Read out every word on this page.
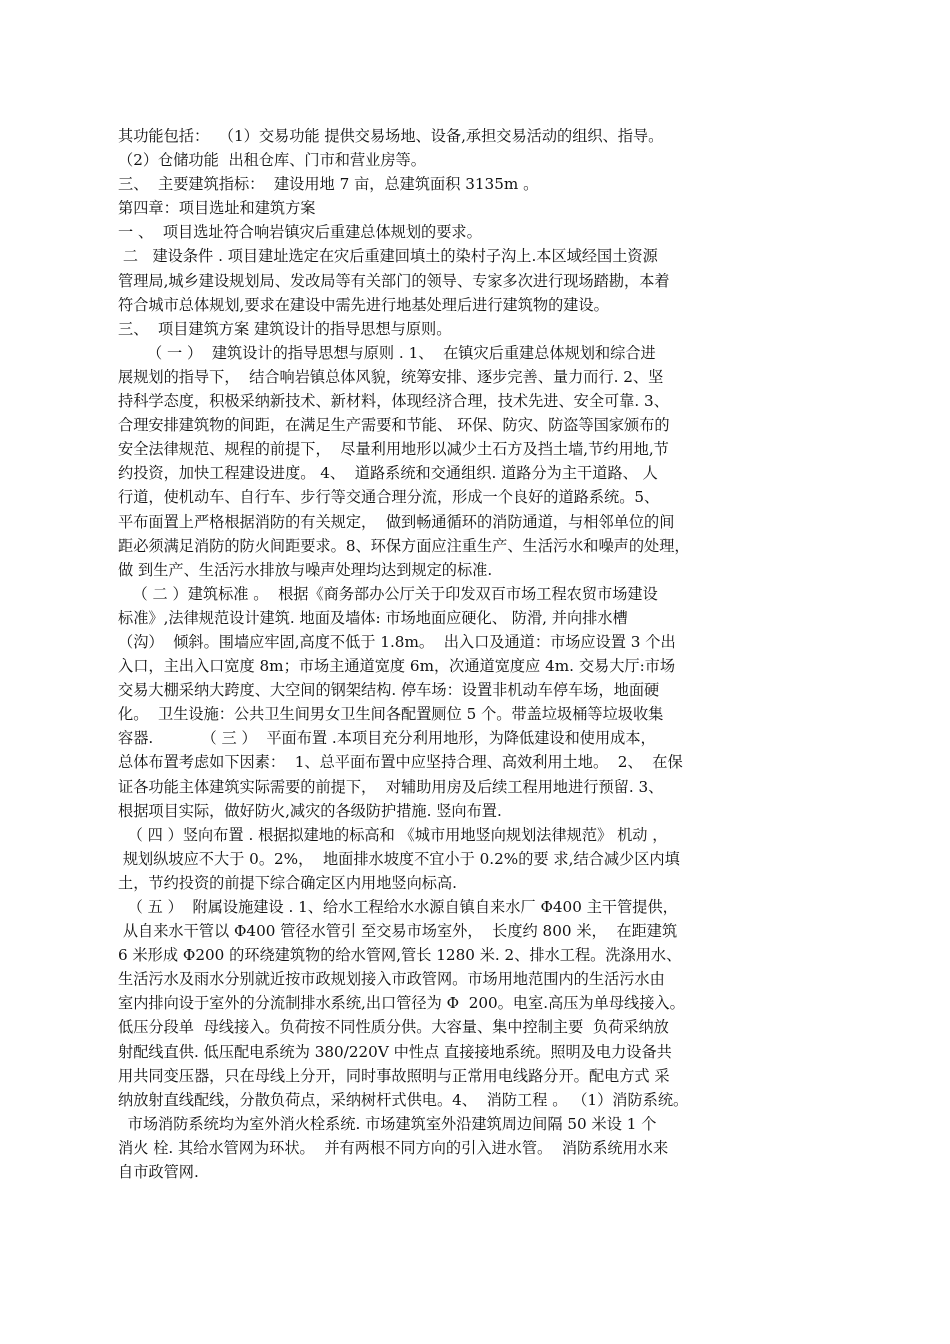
其功能包括：  （1）交易功能 提供交易场地、设备,承担交易活动的组织、指导。
（2）仓储功能  出租仓库、门市和营业房等。
三、  主要建筑指标：  建设用地 7 亩，总建筑面积 3135m 。
第四章：项目选址和建筑方案
一 、  项目选址符合响岩镇灾后重建总体规划的要求。
二   建设条件 . 项目建址选定在灾后重建回填土的染村子沟上.本区域经国土资源
管理局,城乡建设规划局、发改局等有关部门的领导、专家多次进行现场踏勘，本着
符合城市总体规划,要求在建设中需先进行地基处理后进行建筑物的建设。
三、  项目建筑方案 建筑设计的指导思想与原则。
（ 一 ）  建筑设计的指导思想与原则 . 1、  在镇灾后重建总体规划和综合进
展规划的指导下，  结合响岩镇总体风貌，统筹安排、逐步完善、量力而行. 2、坚
持科学态度，积极采纳新技术、新材料，体现经济合理，技术先进、安全可靠. 3、
合理安排建筑物的间距，在满足生产需要和节能、 环保、防灾、防盗等国家颁布的
安全法律规范、规程的前提下，  尽量利用地形以减少土石方及挡土墙,节约用地,节
约投资，加快工程建设进度。 4、  道路系统和交通组织. 道路分为主干道路、 人
行道，使机动车、自行车、步行等交通合理分流，形成一个良好的道路系统。5、
平布面置上严格根据消防的有关规定，  做到畅通循环的消防通道，与相邻单位的间
距必须满足消防的防火间距要求。8、环保方面应注重生产、生活污水和噪声的处理，
做 到生产、生活污水排放与噪声处理均达到规定的标准.
（ 二 ）建筑标准 。  根据《商务部办公厅关于印发双百市场工程农贸市场建设
标准》,法律规范设计建筑. 地面及墙体: 市场地面应硬化、 防滑, 并向排水槽
（沟）  倾斜。围墙应牢固,高度不低于 1.8m。  出入口及通道：市场应设置 3 个出
入口，主出入口宽度 8m；市场主通道宽度 6m，次通道宽度应 4m. 交易大厅:市场
交易大棚采纳大跨度、大空间的钢架结构. 停车场：设置非机动车停车场，地面硬
化。  卫生设施：公共卫生间男女卫生间各配置厕位 5 个。带盖垃圾桶等垃圾收集
容器.          （ 三 ）  平面布置 .本项目充分利用地形，为降低建设和使用成本，
总体布置考虑如下因素：  1、总平面布置中应坚持合理、高效利用土地。  2、  在保
证各功能主体建筑实际需要的前提下，  对辅助用房及后续工程用地进行预留. 3、
根据项目实际，做好防火,减灾的各级防护措施. 竖向布置.
（ 四 ）竖向布置 . 根据拟建地的标高和 《城市用地竖向规划法律规范》 机动 ，
规划纵坡应不大于 0。2%，  地面排水坡度不宜小于 0.2%的要 求,结合减少区内填
土，节约投资的前提下综合确定区内用地竖向标高.
（ 五 ）  附属设施建设 . 1、给水工程给水水源自镇自来水厂 Φ400 主干管提供，
从自来水干管以 Φ400 管径水管引 至交易市场室外，  长度约 800 米，  在距建筑
6 米形成 Φ200 的环绕建筑物的给水管网,管长 1280 米. 2、排水工程。洗涤用水、
生活污水及雨水分别就近按市政规划接入市政管网。市场用地范围内的生活污水由
室内排向设于室外的分流制排水系统,出口管径为 Φ  200。电室.高压为单母线接入。
低压分段单  母线接入。负荷按不同性质分供。大容量、集中控制主要  负荷采纳放
射配线直供. 低压配电系统为 380/220V 中性点 直接接地系统。照明及电力设备共
用共同变压器，只在母线上分开，同时事故照明与正常用电线路分开。配电方式 采
纳放射直线配线，分散负荷点，采纳树杆式供电。4、  消防工程 。 （1）消防系统。
市场消防系统均为室外消火栓系统. 市场建筑室外沿建筑周边间隔 50 米设 1 个
消火 栓. 其给水管网为环状。  并有两根不同方向的引入进水管。  消防系统用水来
自市政管网.
